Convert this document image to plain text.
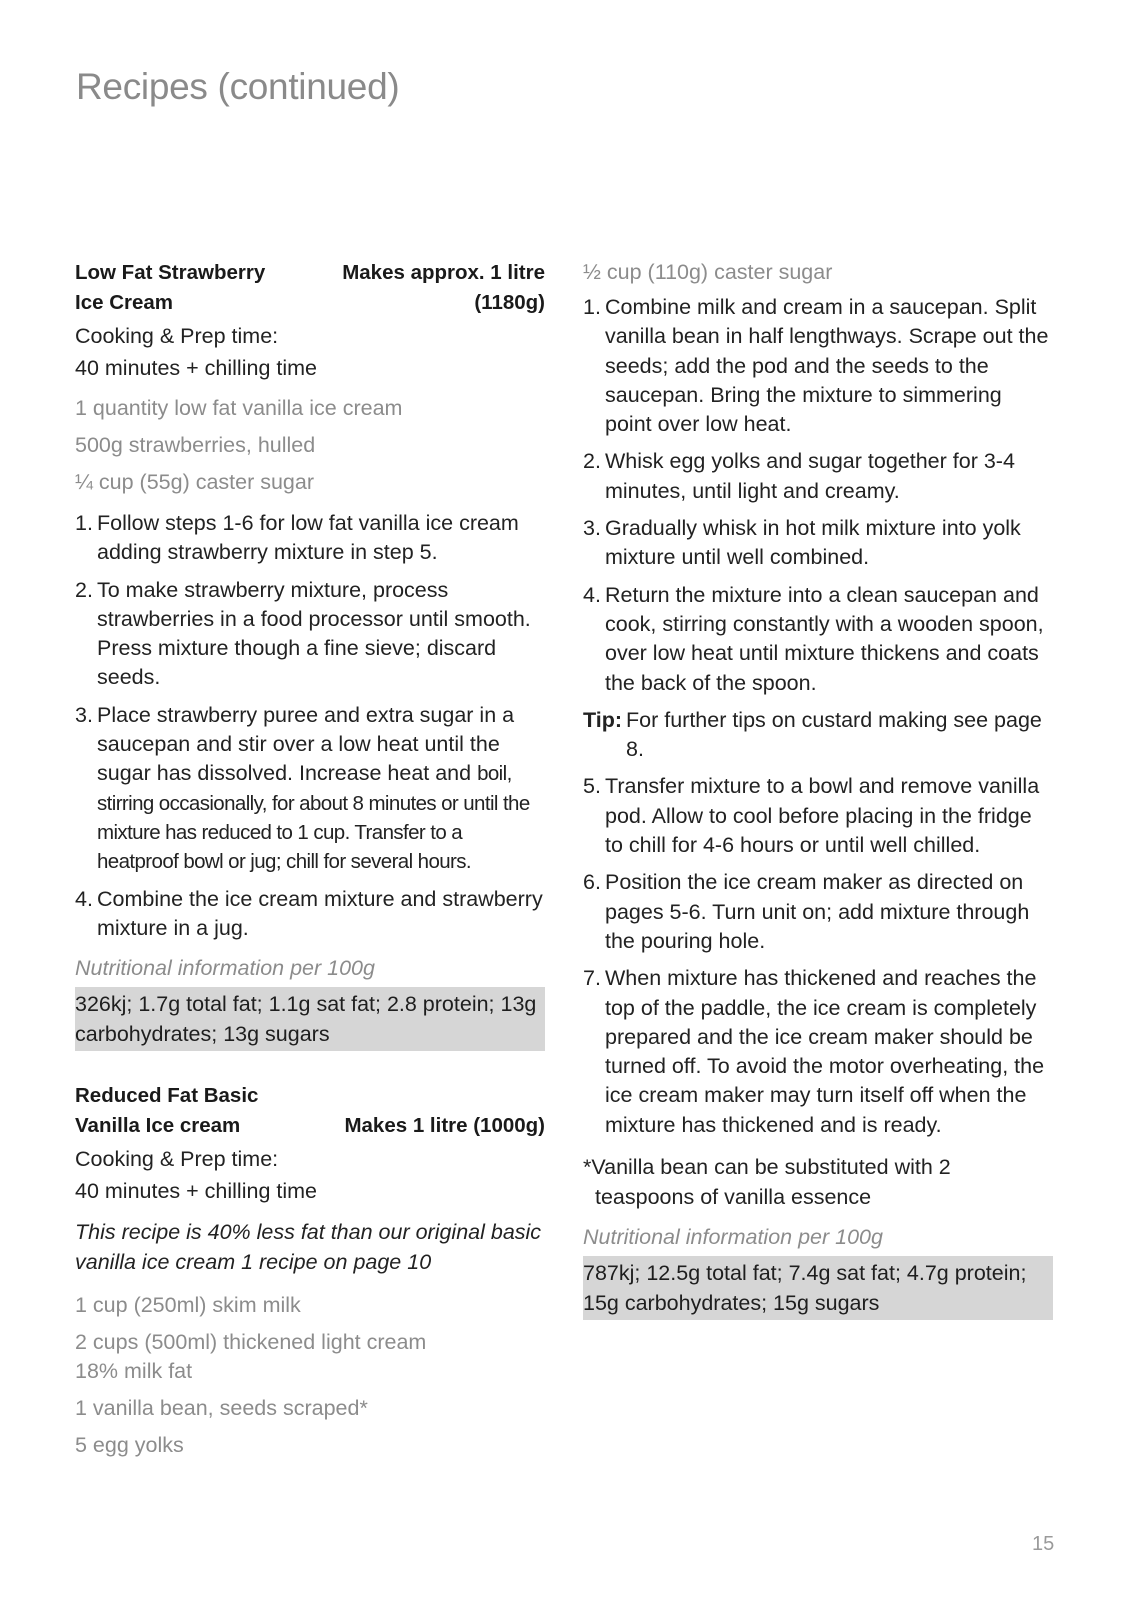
Recipes (continued)
Low Fat Strawberry	Makes approx. 1 litre
Ice Cream	(1180g)
Cooking & Prep time:
40 minutes + chilling time
1 quantity low fat vanilla ice cream
500g strawberries, hulled
¼ cup (55g) caster sugar
1. Follow steps 1-6 for low fat vanilla ice cream adding strawberry mixture in step 5.
2. To make strawberry mixture, process strawberries in a food processor until smooth. Press mixture though a fine sieve; discard seeds.
3. Place strawberry puree and extra sugar in a saucepan and stir over a low heat until the sugar has dissolved. Increase heat and boil, stirring occasionally, for about 8 minutes or until the mixture has reduced to 1 cup. Transfer to a heatproof bowl or jug; chill for several hours.
4. Combine the ice cream mixture and strawberry mixture in a jug.
Nutritional information per 100g
326kj; 1.7g total fat; 1.1g sat fat; 2.8 protein; 13g carbohydrates; 13g sugars
Reduced Fat Basic
Vanilla Ice cream	Makes 1 litre (1000g)
Cooking & Prep time:
40 minutes + chilling time
This recipe is 40% less fat than our original basic vanilla ice cream 1 recipe on page 10
1 cup (250ml) skim milk
2 cups (500ml) thickened light cream 18% milk fat
1 vanilla bean, seeds scraped*
5 egg yolks
½ cup (110g) caster sugar
1. Combine milk and cream in a saucepan. Split vanilla bean in half lengthways. Scrape out the seeds; add the pod and the seeds to the saucepan. Bring the mixture to simmering point over low heat.
2. Whisk egg yolks and sugar together for 3-4 minutes, until light and creamy.
3. Gradually whisk in hot milk mixture into yolk mixture until well combined.
4. Return the mixture into a clean saucepan and cook, stirring constantly with a wooden spoon, over low heat until mixture thickens and coats the back of the spoon.
Tip: For further tips on custard making see page 8.
5. Transfer mixture to a bowl and remove vanilla pod. Allow to cool before placing in the fridge to chill for 4-6 hours or until well chilled.
6. Position the ice cream maker as directed on pages 5-6. Turn unit on; add mixture through the pouring hole.
7. When mixture has thickened and reaches the top of the paddle, the ice cream is completely prepared and the ice cream maker should be turned off. To avoid the motor overheating, the ice cream maker may turn itself off when the mixture has thickened and is ready.
*Vanilla bean can be substituted with 2
teaspoons of vanilla essence
Nutritional information per 100g
787kj; 12.5g total fat; 7.4g sat fat; 4.7g protein; 15g carbohydrates; 15g sugars
15
